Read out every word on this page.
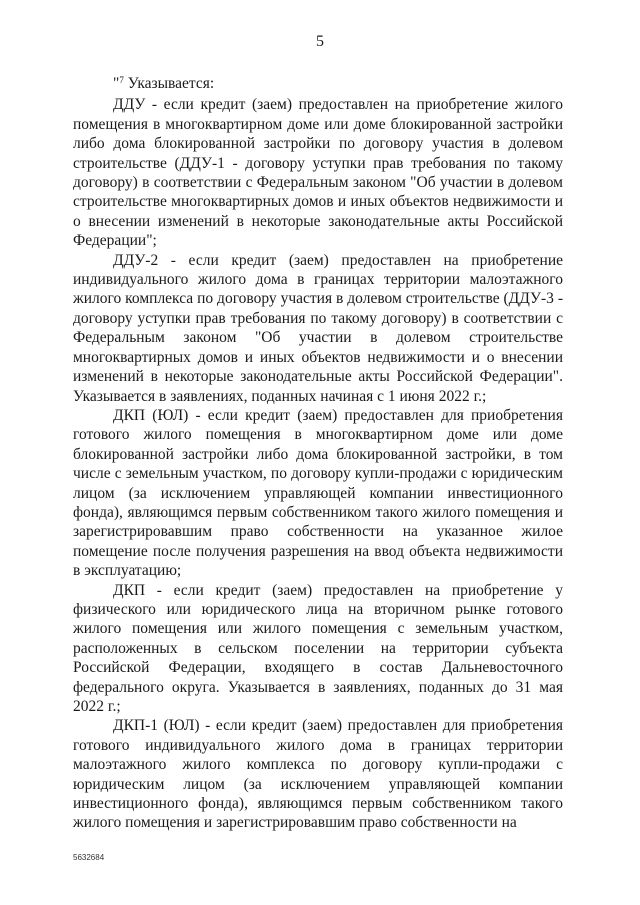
5

"$^7$ Указывается:

ДДУ - если кредит (заем) предоставлен на приобретение жилого помещения в многоквартирном доме или доме блокированной застройки либо дома блокированной застройки по договору участия в долевом строительстве (ДДУ-1 - договору уступки прав требования по такому договору) в соответствии с Федеральным законом "Об участии в долевом строительстве многоквартирных домов и иных объектов недвижимости и о внесении изменений в некоторые законодательные акты Российской Федерации";

ДДУ-2 - если кредит (заем) предоставлен на приобретение индивидуального жилого дома в границах территории малоэтажного жилого комплекса по договору участия в долевом строительстве (ДДУ-3 - договору уступки прав требования по такому договору) в соответствии с Федеральным законом "Об участии в долевом строительстве многоквартирных домов и иных объектов недвижимости и о внесении изменений в некоторые законодательные акты Российской Федерации". Указывается в заявлениях, поданных начиная с 1 июня 2022 г.;

ДКП (ЮЛ) - если кредит (заем) предоставлен для приобретения готового жилого помещения в многоквартирном доме или доме блокированной застройки либо дома блокированной застройки, в том числе с земельным участком, по договору купли-продажи с юридическим лицом (за исключением управляющей компании инвестиционного фонда), являющимся первым собственником такого жилого помещения и зарегистрировавшим право собственности на указанное жилое помещение после получения разрешения на ввод объекта недвижимости в эксплуатацию;

ДКП - если кредит (заем) предоставлен на приобретение у физического или юридического лица на вторичном рынке готового жилого помещения или жилого помещения с земельным участком, расположенных в сельском поселении на территории субъекта Российской Федерации, входящего в состав Дальневосточного федерального округа. Указывается в заявлениях, поданных до 31 мая 2022 г.;

ДКП-1 (ЮЛ) - если кредит (заем) предоставлен для приобретения готового индивидуального жилого дома в границах территории малоэтажного жилого комплекса по договору купли-продажи с юридическим лицом (за исключением управляющей компании инвестиционного фонда), являющимся первым собственником такого жилого помещения и зарегистрировавшим право собственности на

5632684
